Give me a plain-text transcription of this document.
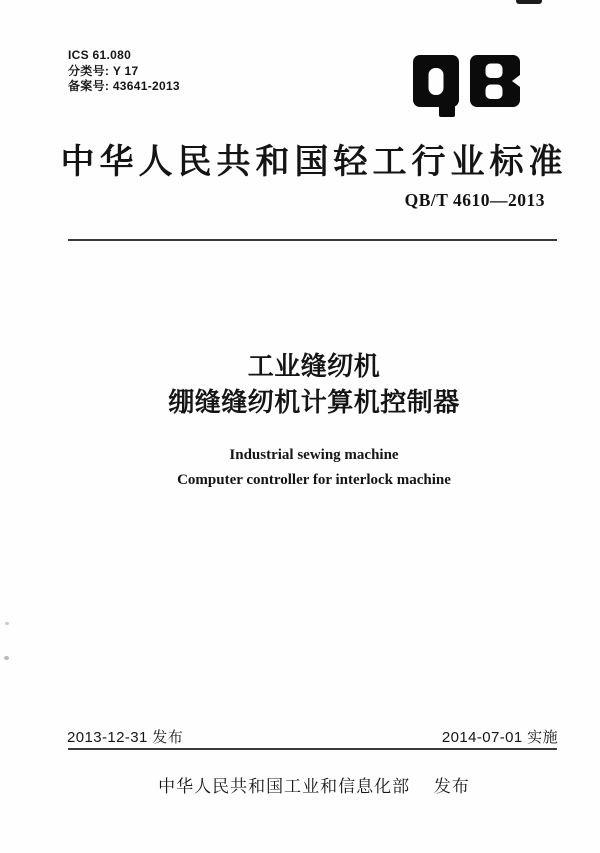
ICS 61.080
分类号: Y 17
备案号: 43641-2013
中华人民共和国轻工行业标准
QB/T 4610—2013
工业缝纫机
绷缝缝纫机计算机控制器
Industrial sewing machine
Computer controller for interlock machine
2013-12-31 发布	2014-07-01 实施
中华人民共和国工业和信息化部 发布
